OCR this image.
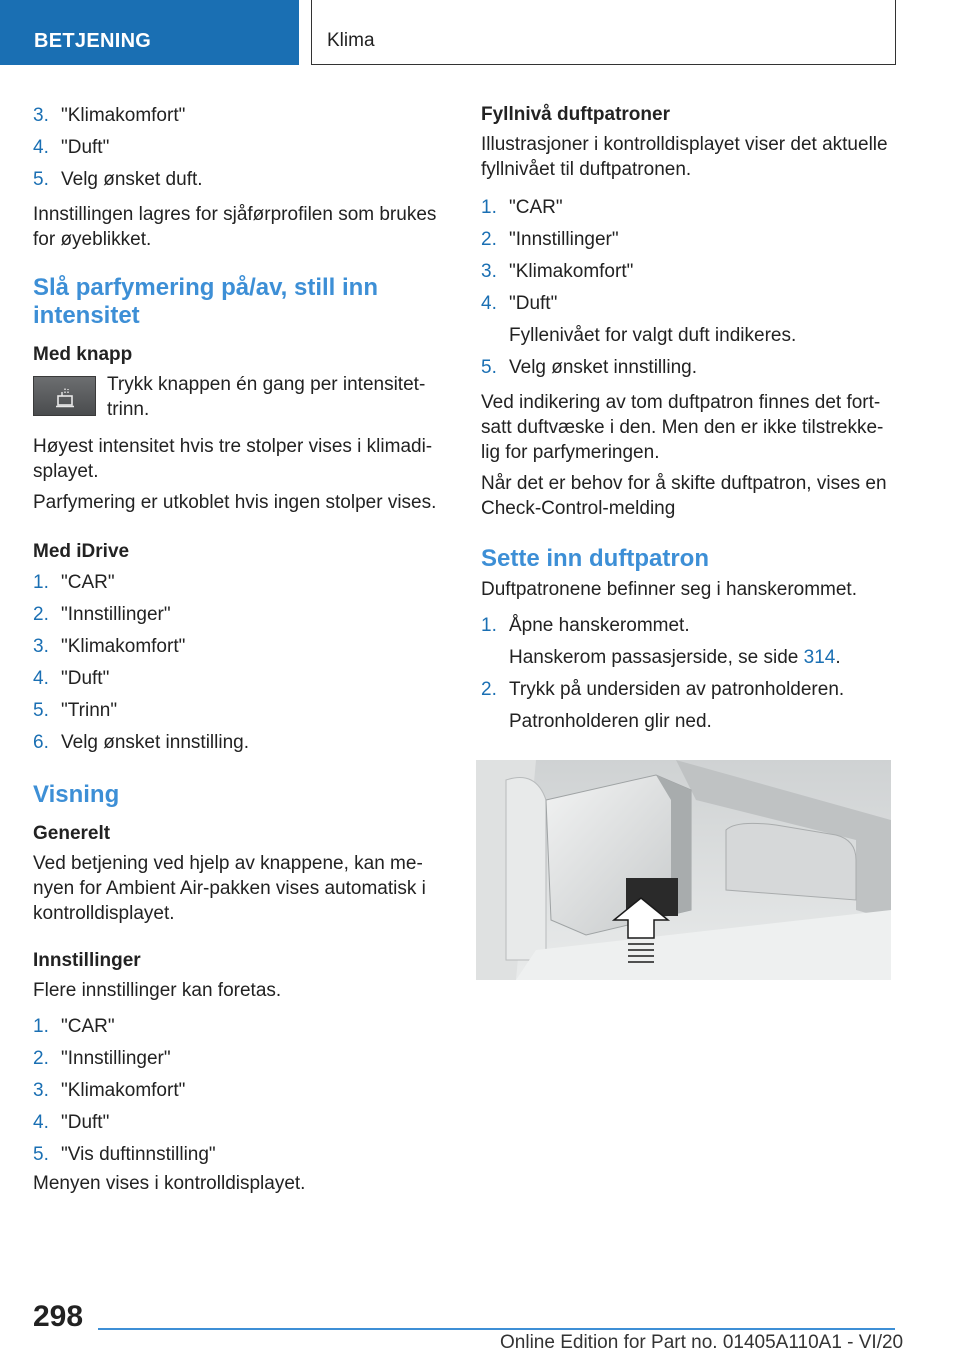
BETJENING	Klima
3. "Klimakomfort"
4. "Duft"
5. Velg ønsket duft.
Innstillingen lagres for sjåførprofilen som brukes for øyeblikket.
Slå parfymering på/av, still inn intensitet
Med knapp
Trykk knappen én gang per intensitettrinn.
Høyest intensitet hvis tre stolper vises i klimadisplayet.
Parfymering er utkoblet hvis ingen stolper vises.
Med iDrive
1. "CAR"
2. "Innstillinger"
3. "Klimakomfort"
4. "Duft"
5. "Trinn"
6. Velg ønsket innstilling.
Visning
Generelt
Ved betjening ved hjelp av knappene, kan menyen for Ambient Air-pakken vises automatisk i kontrolldisplayet.
Innstillinger
Flere innstillinger kan foretas.
1. "CAR"
2. "Innstillinger"
3. "Klimakomfort"
4. "Duft"
5. "Vis duftinnstilling"
Menyen vises i kontrolldisplayet.
Fyllnivå duftpatroner
Illustrasjoner i kontrolldisplayet viser det aktuelle fyllnivået til duftpatronen.
1. "CAR"
2. "Innstillinger"
3. "Klimakomfort"
4. "Duft"
Fyllenivået for valgt duft indikeres.
5. Velg ønsket innstilling.
Ved indikering av tom duftpatron finnes det fortsatt duftvæske i den. Men den er ikke tilstrekkelig for parfymeringen.
Når det er behov for å skifte duftpatron, vises en Check-Control-melding
Sette inn duftpatron
Duftpatronene befinner seg i hanskerommet.
1. Åpne hanskerommet.
Hanskerom passasjerside, se side 314.
2. Trykk på undersiden av patronholderen.
Patronholderen glir ned.
298
Online Edition for Part no. 01405A110A1 - VI/20
